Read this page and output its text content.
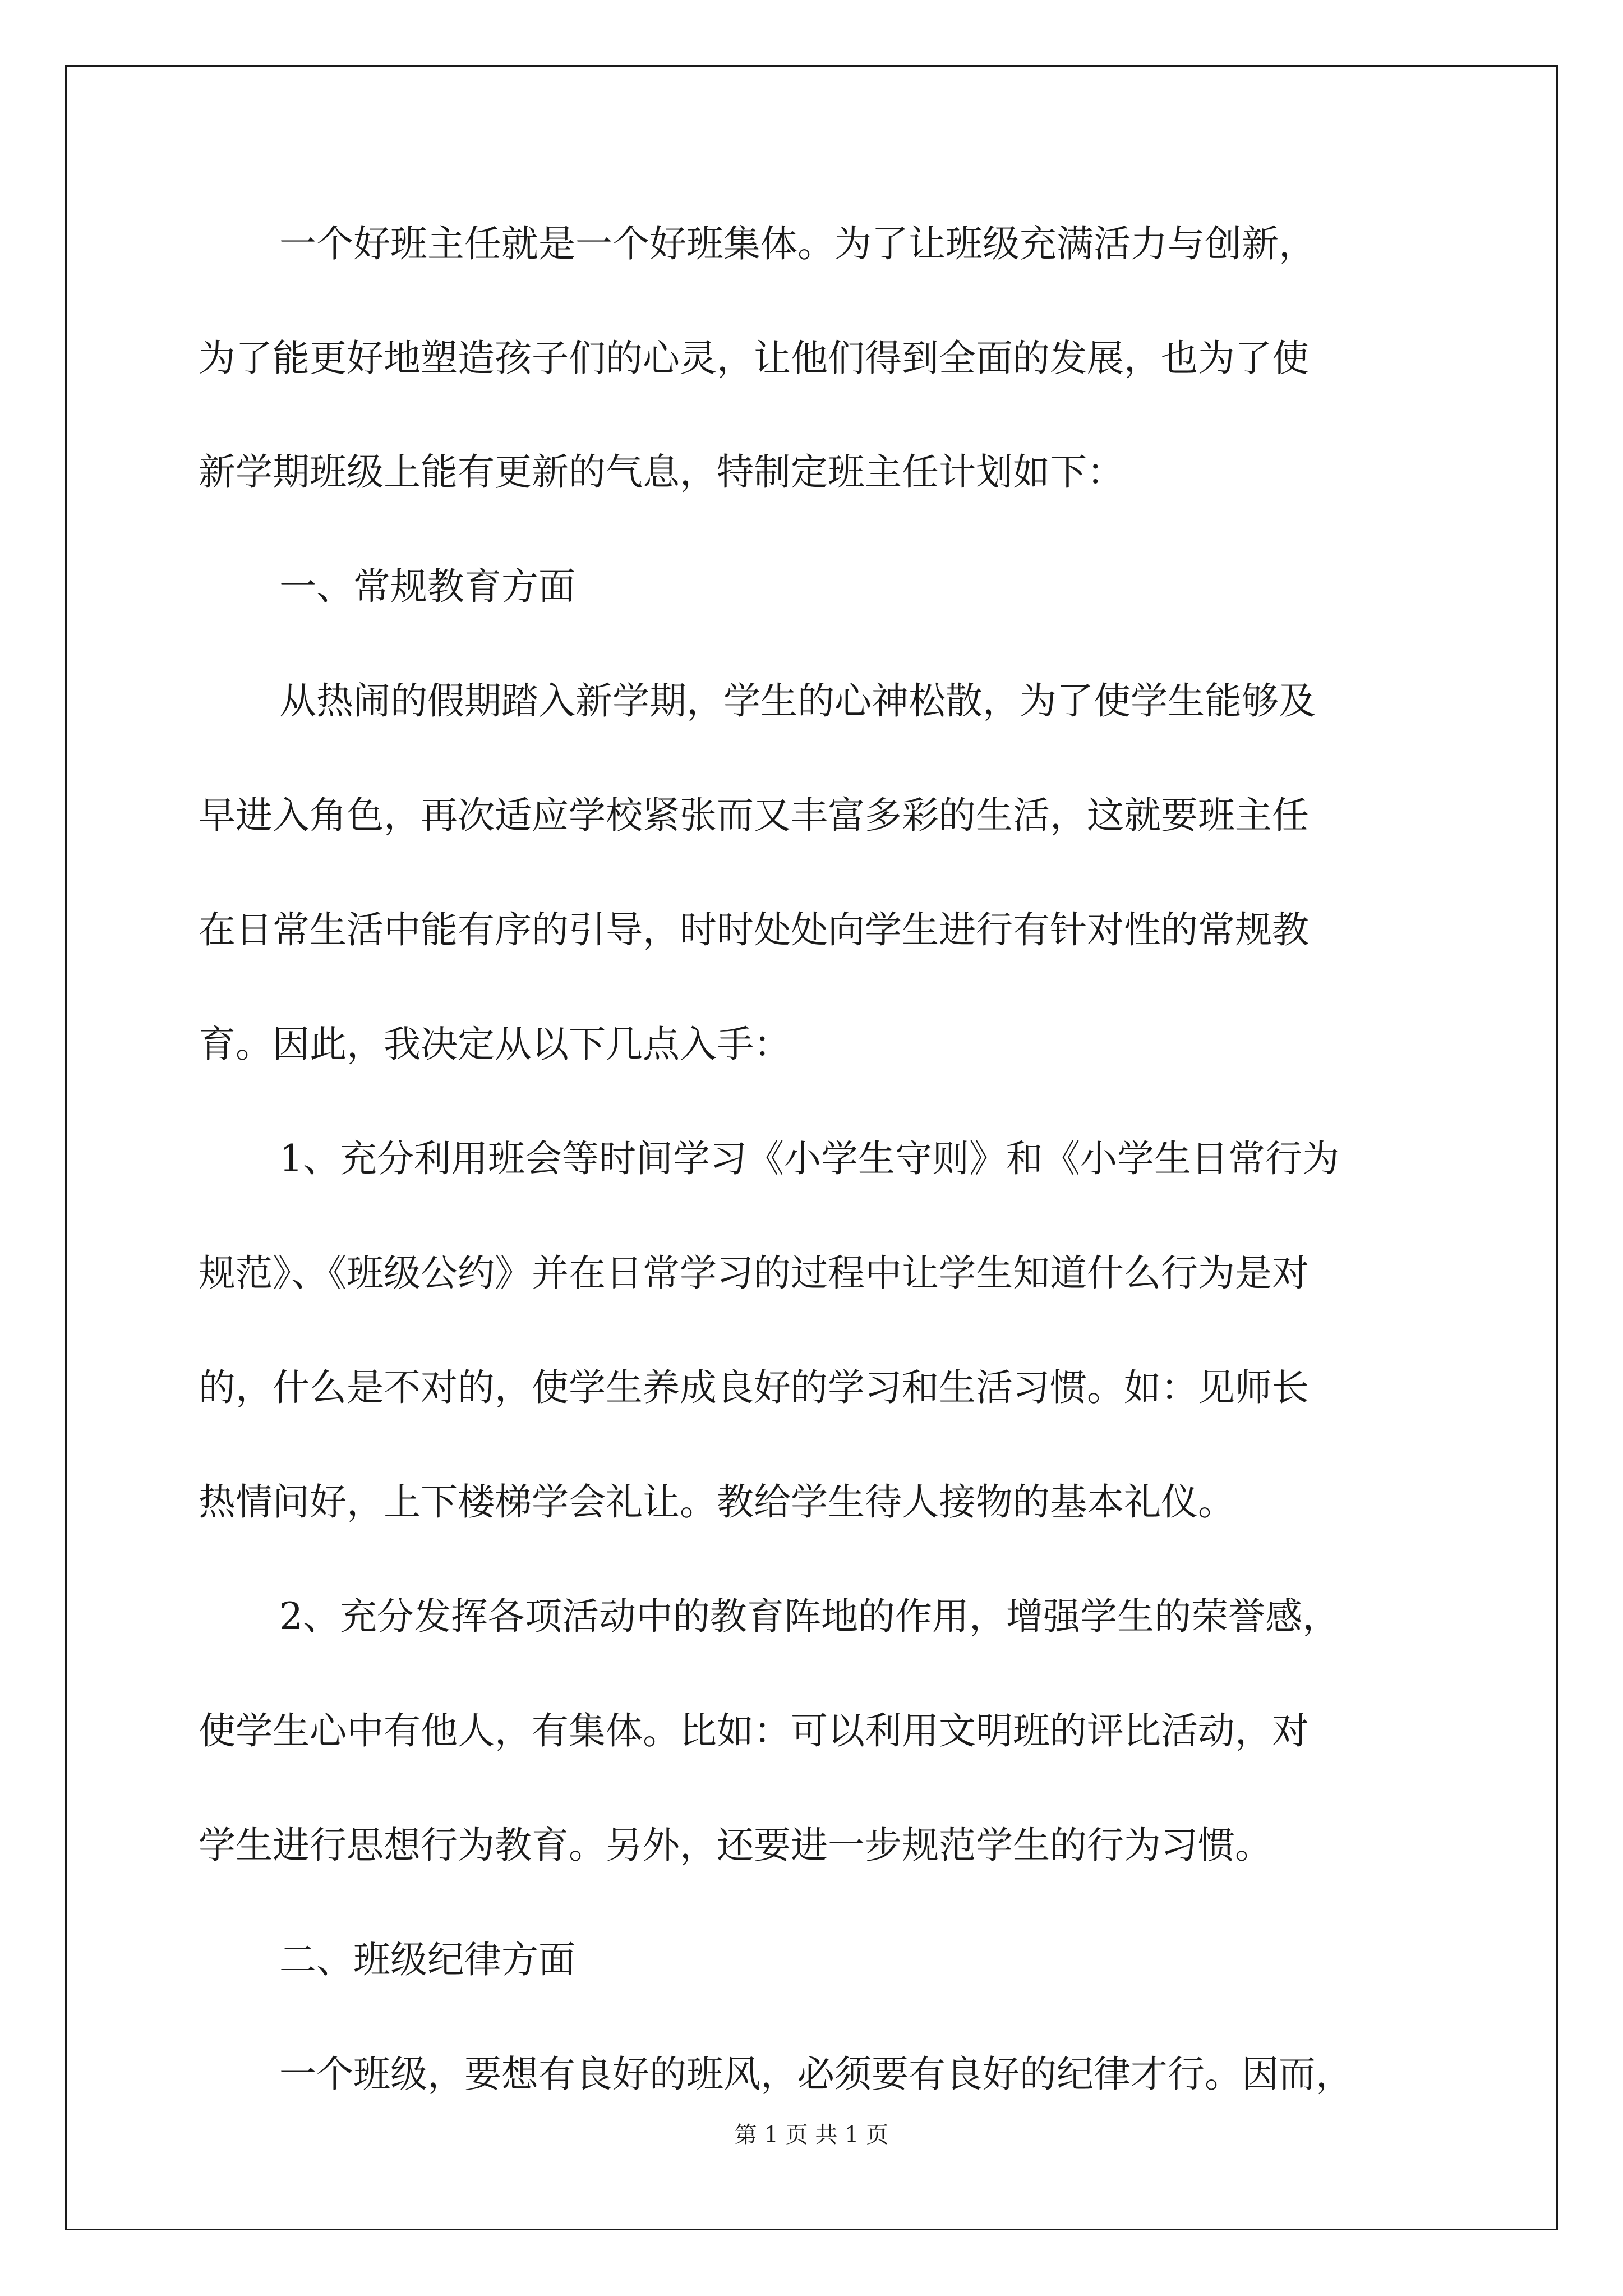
一个好班主任就是一个好班集体。为了让班级充满活力与创新，
为了能更好地塑造孩子们的心灵，让他们得到全面的发展，也为了使
新学期班级上能有更新的气息，特制定班主任计划如下：
一、常规教育方面
从热闹的假期踏入新学期，学生的心神松散，为了使学生能够及
早进入角色，再次适应学校紧张而又丰富多彩的生活，这就要班主任
在日常生活中能有序的引导，时时处处向学生进行有针对性的常规教
育。因此，我决定从以下几点入手：
1、充分利用班会等时间学习《小学生守则》和《小学生日常行为
规范》、《班级公约》并在日常学习的过程中让学生知道什么行为是对
的，什么是不对的，使学生养成良好的学习和生活习惯。如：见师长
热情问好，上下楼梯学会礼让。教给学生待人接物的基本礼仪。
2、充分发挥各项活动中的教育阵地的作用，增强学生的荣誉感，
使学生心中有他人，有集体。比如：可以利用文明班的评比活动，对
学生进行思想行为教育。另外，还要进一步规范学生的行为习惯。
二、班级纪律方面
一个班级，要想有良好的班风，必须要有良好的纪律才行。因而，
第 1 页 共 1 页
